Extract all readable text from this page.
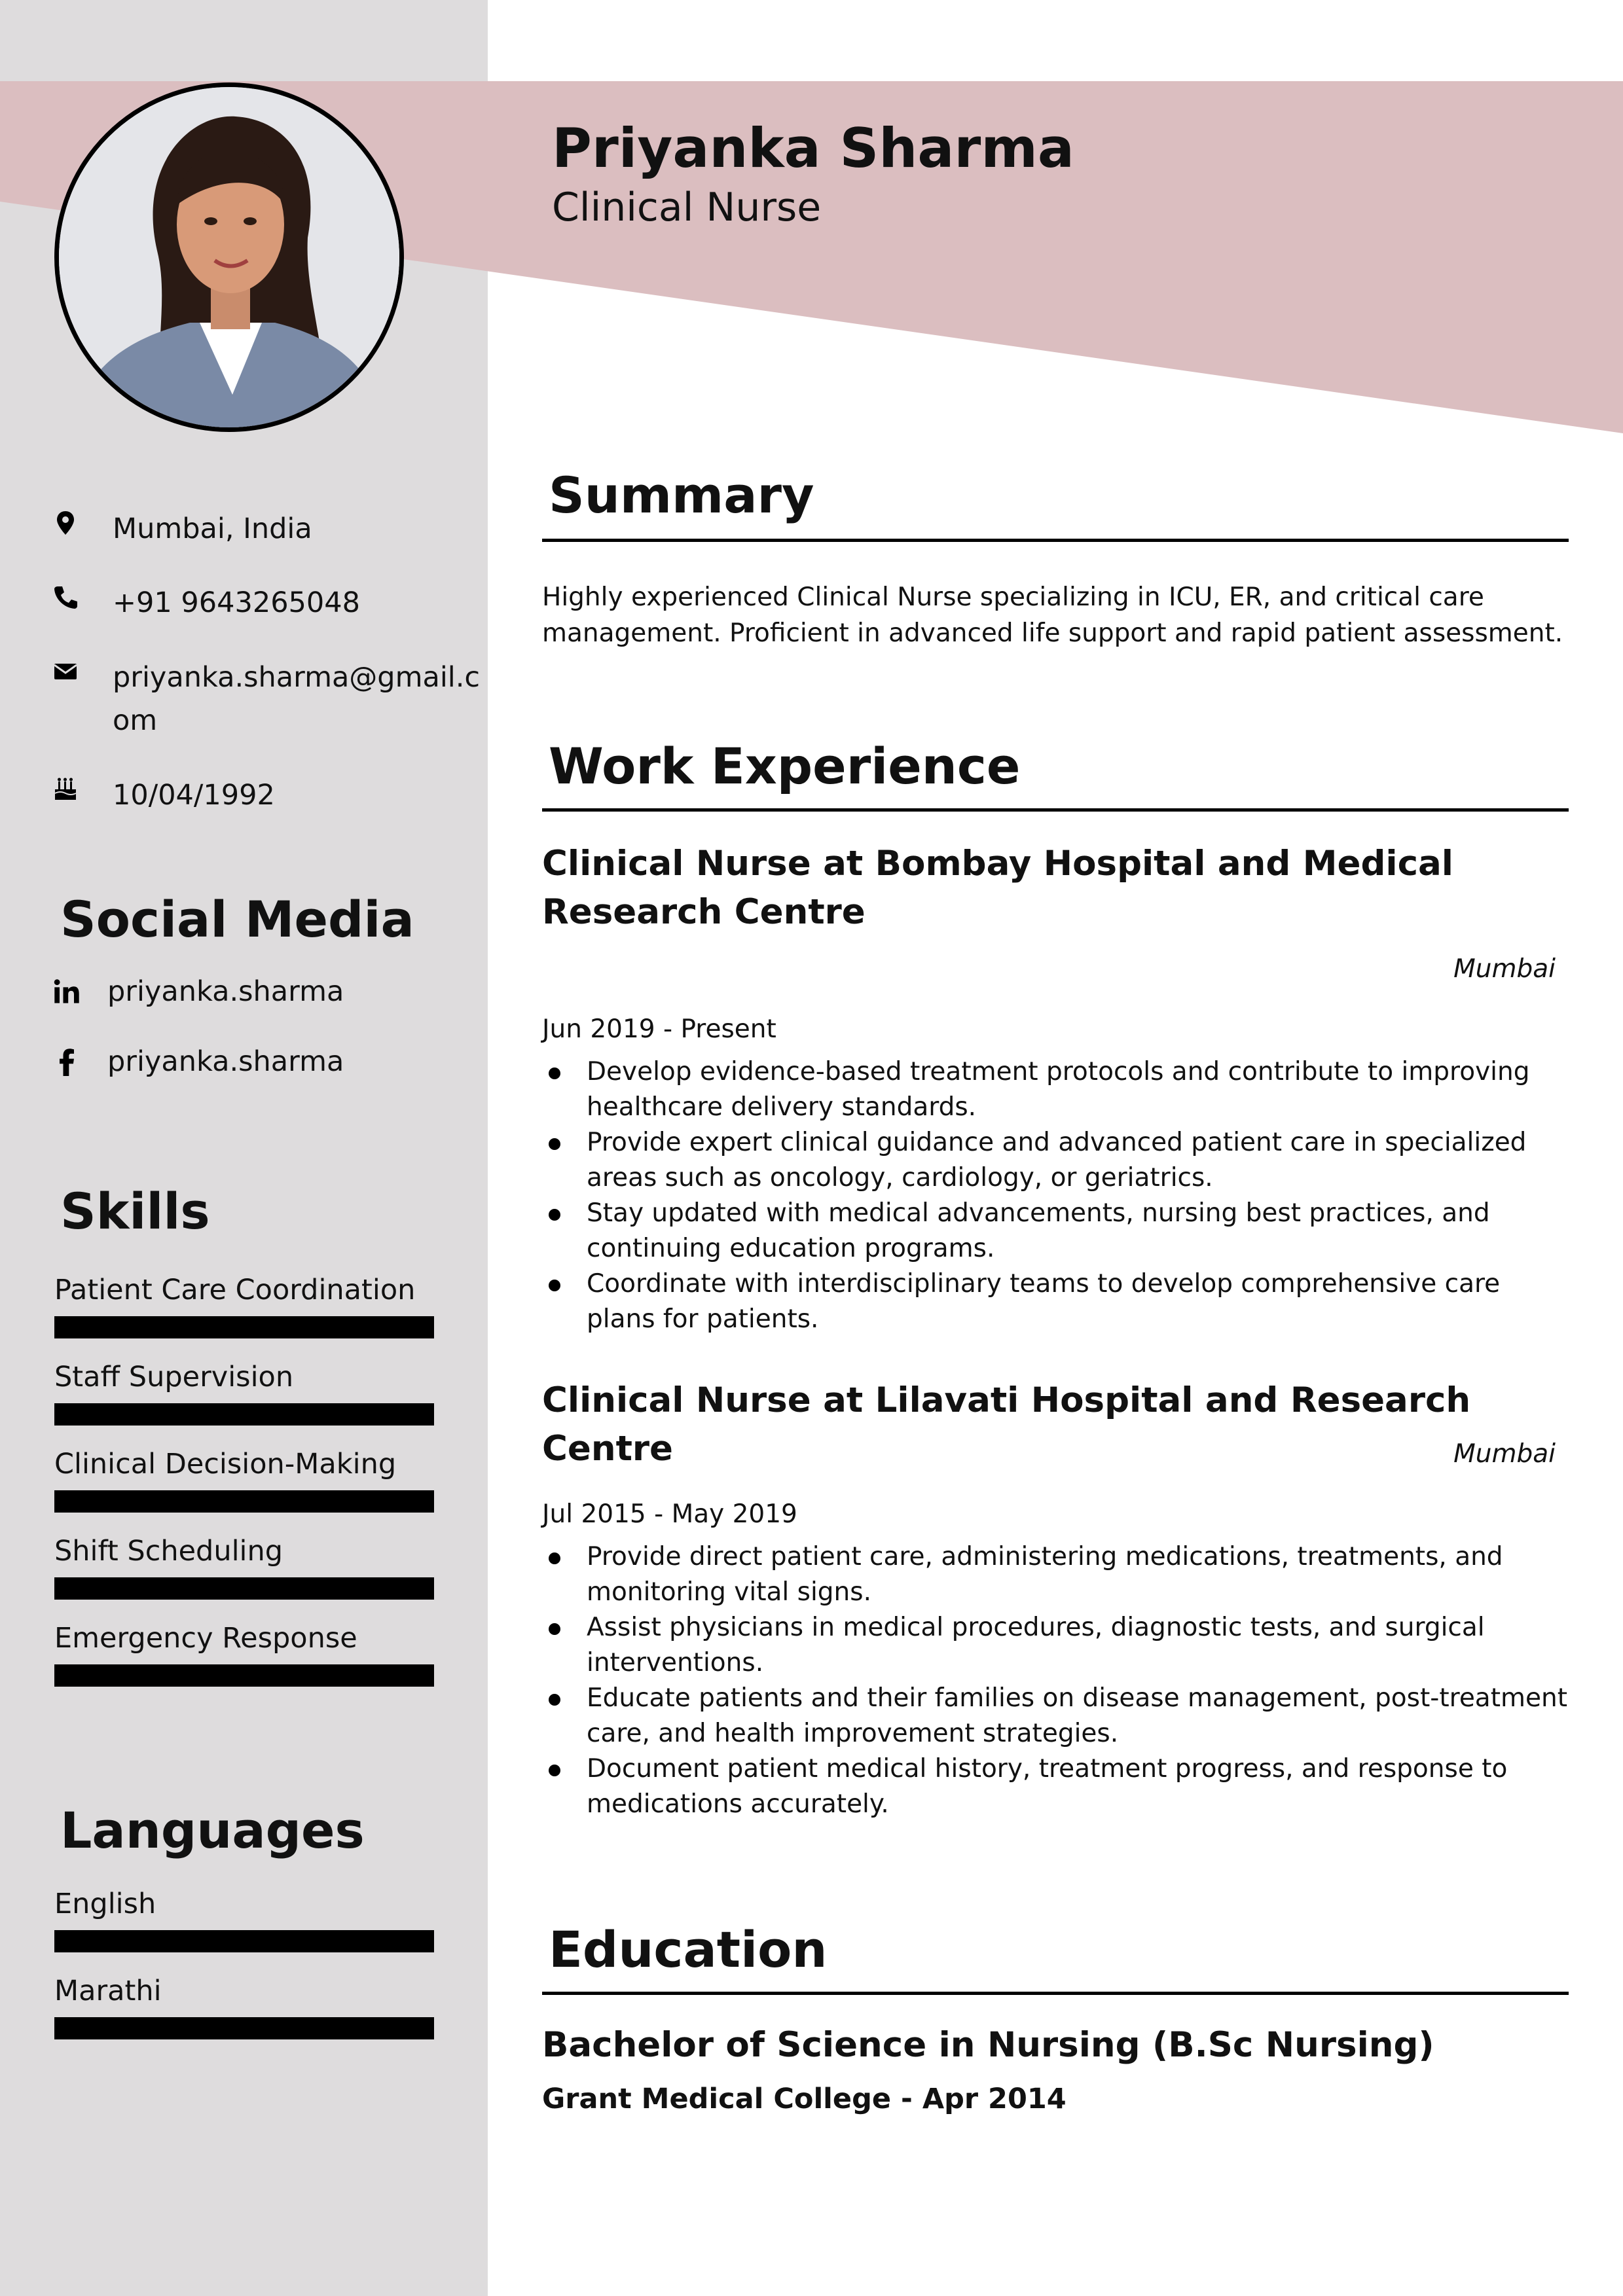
Priyanka Sharma
Clinical Nurse
Mumbai, India
+91 9643265048
priyanka.sharma@gmail.com
10/04/1992
Social Media
priyanka.sharma
priyanka.sharma
Skills
Patient Care Coordination
Staff Supervision
Clinical Decision-Making
Shift Scheduling
Emergency Response
Languages
English
Marathi
Summary
Highly experienced Clinical Nurse specializing in ICU, ER, and critical care management. Proficient in advanced life support and rapid patient assessment.
Work Experience
Clinical Nurse at Bombay Hospital and Medical Research Centre
Mumbai
Jun 2019 - Present
Develop evidence-based treatment protocols and contribute to improving healthcare delivery standards.
Provide expert clinical guidance and advanced patient care in specialized areas such as oncology, cardiology, or geriatrics.
Stay updated with medical advancements, nursing best practices, and continuing education programs.
Coordinate with interdisciplinary teams to develop comprehensive care plans for patients.
Clinical Nurse at Lilavati Hospital and Research Centre	Mumbai
Jul 2015 - May 2019
Provide direct patient care, administering medications, treatments, and monitoring vital signs.
Assist physicians in medical procedures, diagnostic tests, and surgical interventions.
Educate patients and their families on disease management, post-treatment care, and health improvement strategies.
Document patient medical history, treatment progress, and response to medications accurately.
Education
Bachelor of Science in Nursing (B.Sc Nursing)
Grant Medical College - Apr 2014
